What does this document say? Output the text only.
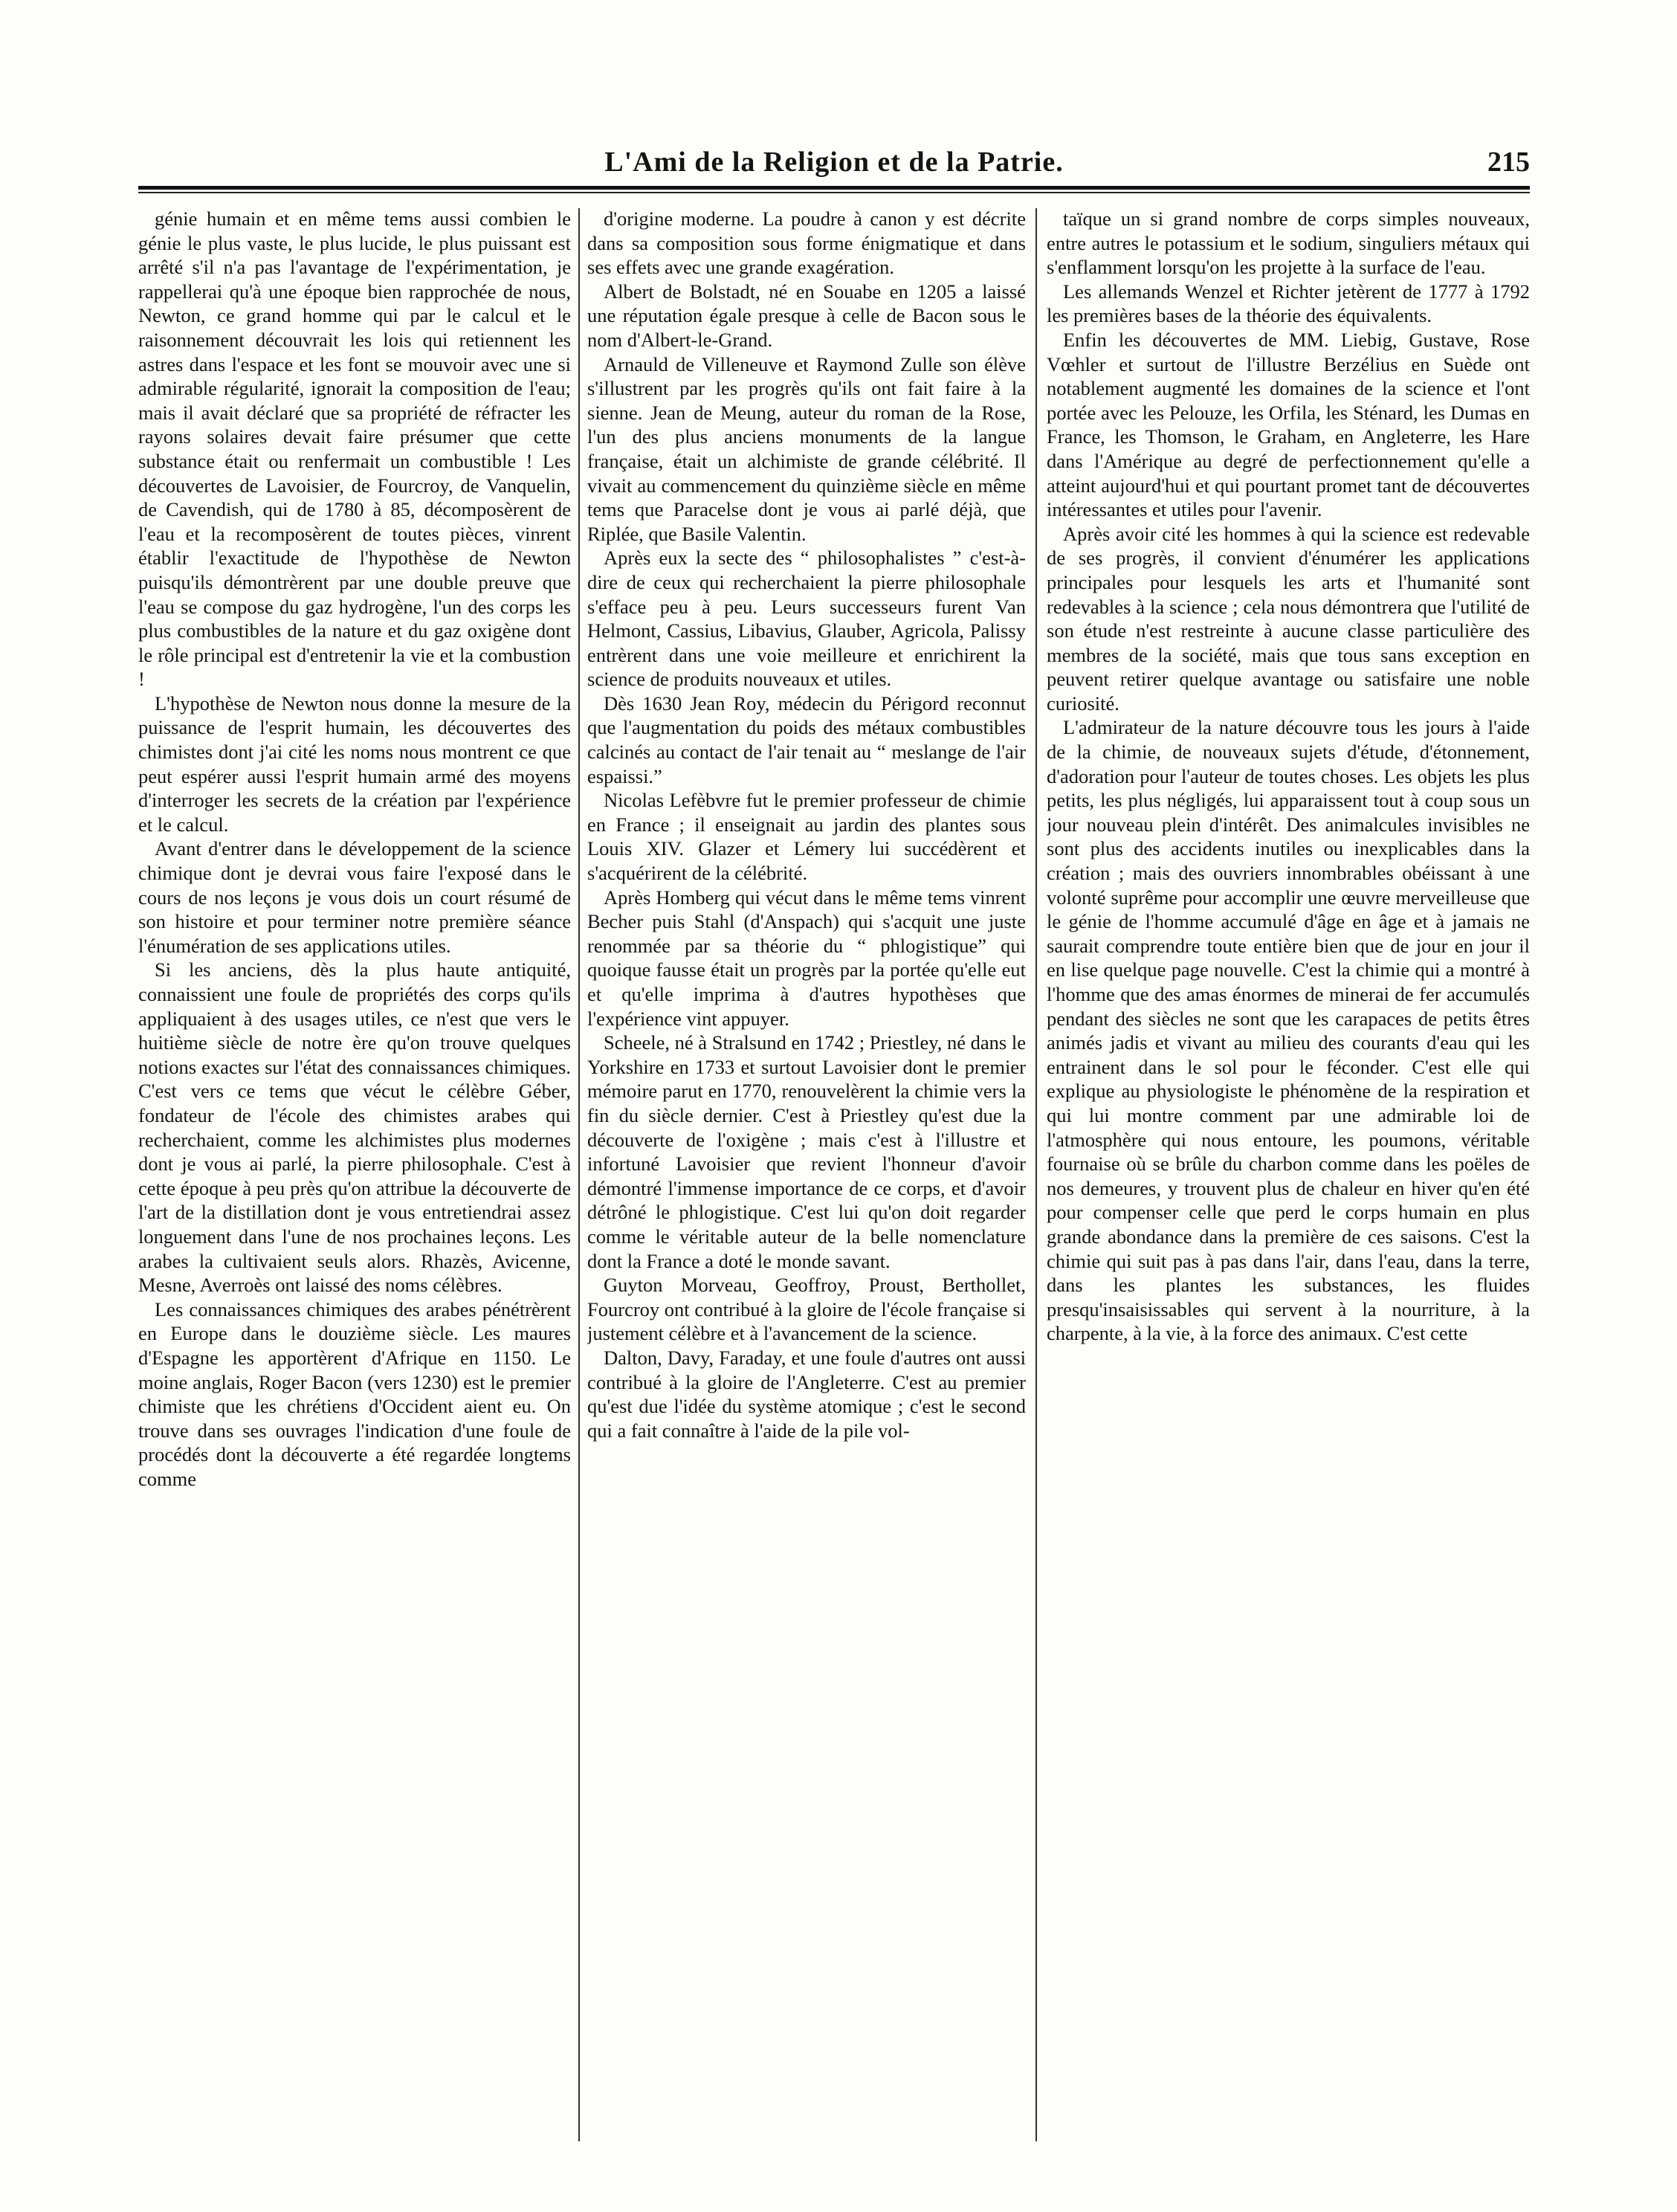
L'Ami de la Religion et de la Patrie.	215

génie humain et en même tems aussi combien le génie le plus vaste, le plus lucide, le plus puissant est arrêté s'il n'a pas l'avantage de l'expérimentation, je rappellerai qu'à une époque bien rapprochée de nous, Newton, ce grand homme qui par le calcul et le raisonnement découvrait les lois qui retiennent les astres dans l'espace et les font se mouvoir avec une si admirable régularité, ignorait la composition de l'eau; mais il avait déclaré que sa propriété de réfracter les rayons solaires devait faire présumer que cette substance était ou renfermait un combustible ! Les découvertes de Lavoisier, de Fourcroy, de Vanquelin, de Cavendish, qui de 1780 à 85, décomposèrent de l'eau et la recomposèrent de toutes pièces, vinrent établir l'exactitude de l'hypothèse de Newton puisqu'ils démontrèrent par une double preuve que l'eau se compose du gaz hydrogène, l'un des corps les plus combustibles de la nature et du gaz oxigène dont le rôle principal est d'entretenir la vie et la combustion !

L'hypothèse de Newton nous donne la mesure de la puissance de l'esprit humain, les découvertes des chimistes dont j'ai cité les noms nous montrent ce que peut espérer aussi l'esprit humain armé des moyens d'interroger les secrets de la création par l'expérience et le calcul.

Avant d'entrer dans le développement de la science chimique dont je devrai vous faire l'exposé dans le cours de nos leçons je vous dois un court résumé de son histoire et pour terminer notre première séance l'énumération de ses applications utiles.

Si les anciens, dès la plus haute antiquité, connaissient une foule de propriétés des corps qu'ils appliquaient à des usages utiles, ce n'est que vers le huitième siècle de notre ère qu'on trouve quelques notions exactes sur l'état des connaissances chimiques. C'est vers ce tems que vécut le célèbre Géber, fondateur de l'école des chimistes arabes qui recherchaient, comme les alchimistes plus modernes dont je vous ai parlé, la pierre philosophale. C'est à cette époque à peu près qu'on attribue la découverte de l'art de la distillation dont je vous entretiendrai assez longuement dans l'une de nos prochaines leçons. Les arabes la cultivaient seuls alors. Rhazès, Avicenne, Mesne, Averroès ont laissé des noms célèbres.

Les connaissances chimiques des arabes pénétrèrent en Europe dans le douzième siècle. Les maures d'Espagne les apportèrent d'Afrique en 1150. Le moine anglais, Roger Bacon (vers 1230) est le premier chimiste que les chrétiens d'Occident aient eu. On trouve dans ses ouvrages l'indication d'une foule de procédés dont la découverte a été regardée longtems comme

d'origine moderne. La poudre à canon y est décrite dans sa composition sous forme énigmatique et dans ses effets avec une grande exagération.

Albert de Bolstadt, né en Souabe en 1205 a laissé une réputation égale presque à celle de Bacon sous le nom d'Albert-le-Grand.

Arnauld de Villeneuve et Raymond Zulle son élève s'illustrent par les progrès qu'ils ont fait faire à la sienne. Jean de Meung, auteur du roman de la Rose, l'un des plus anciens monuments de la langue française, était un alchimiste de grande célébrité. Il vivait au commencement du quinzième siècle en même tems que Paracelse dont je vous ai parlé déjà, que Riplée, que Basile Valentin.

Après eux la secte des “ philosophalistes ” c'est-à-dire de ceux qui recherchaient la pierre philosophale s'efface peu à peu. Leurs successeurs furent Van Helmont, Cassius, Libavius, Glauber, Agricola, Palissy entrèrent dans une voie meilleure et enrichirent la science de produits nouveaux et utiles.

Dès 1630 Jean Roy, médecin du Périgord reconnut que l'augmentation du poids des métaux combustibles calcinés au contact de l'air tenait au “ meslange de l'air espaissi.”

Nicolas Lefèbvre fut le premier professeur de chimie en France ; il enseignait au jardin des plantes sous Louis XIV. Glazer et Lémery lui succédèrent et s'acquérirent de la célébrité.

Après Homberg qui vécut dans le même tems vinrent Becher puis Stahl (d'Anspach) qui s'acquit une juste renommée par sa théorie du “ phlogistique” qui quoique fausse était un progrès par la portée qu'elle eut et qu'elle imprima à d'autres hypothèses que l'expérience vint appuyer.

Scheele, né à Stralsund en 1742 ; Priestley, né dans le Yorkshire en 1733 et surtout Lavoisier dont le premier mémoire parut en 1770, renouvelèrent la chimie vers la fin du siècle dernier. C'est à Priestley qu'est due la découverte de l'oxigène ; mais c'est à l'illustre et infortuné Lavoisier que revient l'honneur d'avoir démontré l'immense importance de ce corps, et d'avoir détrôné le phlogistique. C'est lui qu'on doit regarder comme le véritable auteur de la belle nomenclature dont la France a doté le monde savant.

Guyton Morveau, Geoffroy, Proust, Berthollet, Fourcroy ont contribué à la gloire de l'école française si justement célèbre et à l'avancement de la science.

Dalton, Davy, Faraday, et une foule d'autres ont aussi contribué à la gloire de l'Angleterre. C'est au premier qu'est due l'idée du système atomique ; c'est le second qui a fait connaître à l'aide de la pile vol-

taïque un si grand nombre de corps simples nouveaux, entre autres le potassium et le sodium, singuliers métaux qui s'enflamment lorsqu'on les projette à la surface de l'eau.

Les allemands Wenzel et Richter jetèrent de 1777 à 1792 les premières bases de la théorie des équivalents.

Enfin les découvertes de MM. Liebig, Gustave, Rose Vœhler et surtout de l'illustre Berzélius en Suède ont notablement augmenté les domaines de la science et l'ont portée avec les Pelouze, les Orfila, les Sténard, les Dumas en France, les Thomson, le Graham, en Angleterre, les Hare dans l'Amérique au degré de perfectionnement qu'elle a atteint aujourd'hui et qui pourtant promet tant de découvertes intéressantes et utiles pour l'avenir.

Après avoir cité les hommes à qui la science est redevable de ses progrès, il convient d'énumérer les applications principales pour lesquels les arts et l'humanité sont redevables à la science ; cela nous démontrera que l'utilité de son étude n'est restreinte à aucune classe particulière des membres de la société, mais que tous sans exception en peuvent retirer quelque avantage ou satisfaire une noble curiosité.

L'admirateur de la nature découvre tous les jours à l'aide de la chimie, de nouveaux sujets d'étude, d'étonnement, d'adoration pour l'auteur de toutes choses. Les objets les plus petits, les plus négligés, lui apparaissent tout à coup sous un jour nouveau plein d'intérêt. Des animalcules invisibles ne sont plus des accidents inutiles ou inexplicables dans la création ; mais des ouvriers innombrables obéissant à une volonté suprême pour accomplir une œuvre merveilleuse que le génie de l'homme accumulé d'âge en âge et à jamais ne saurait comprendre toute entière bien que de jour en jour il en lise quelque page nouvelle. C'est la chimie qui a montré à l'homme que des amas énormes de minerai de fer accumulés pendant des siècles ne sont que les carapaces de petits êtres animés jadis et vivant au milieu des courants d'eau qui les entrainent dans le sol pour le féconder. C'est elle qui explique au physiologiste le phénomène de la respiration et qui lui montre comment par une admirable loi de l'atmosphère qui nous entoure, les poumons, véritable fournaise où se brûle du charbon comme dans les poëles de nos demeures, y trouvent plus de chaleur en hiver qu'en été pour compenser celle que perd le corps humain en plus grande abondance dans la première de ces saisons. C'est la chimie qui suit pas à pas dans l'air, dans l'eau, dans la terre, dans les plantes les substances, les fluides presqu'insaisissables qui servent à la nourriture, à la charpente, à la vie, à la force des animaux. C'est cette
